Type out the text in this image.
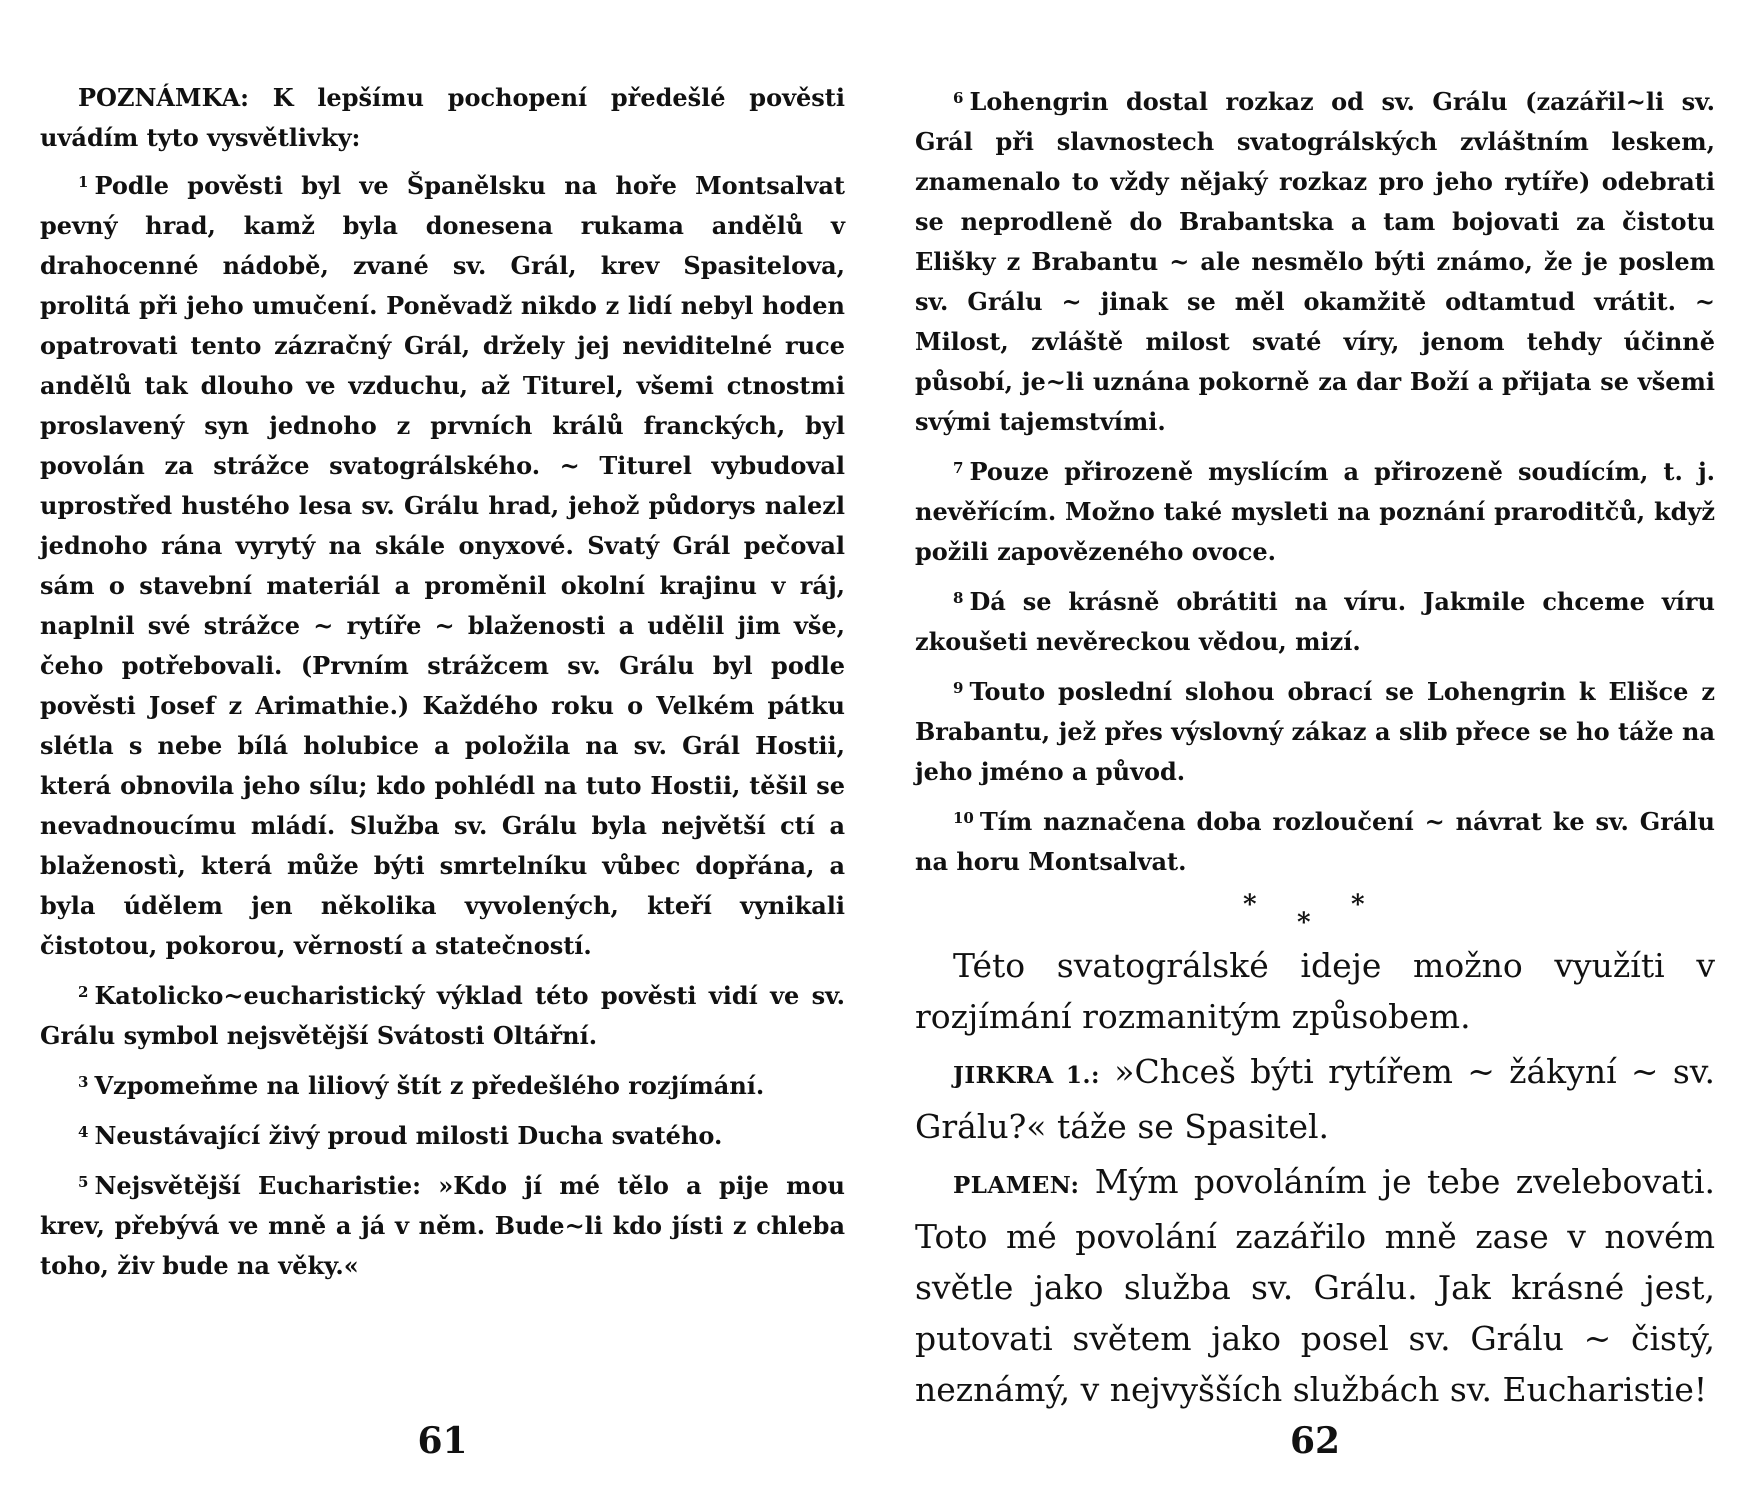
POZNÁMKA: K lepšímu pochopení předešlé pověsti uvádím tyto vysvětlivky:

$^1$ Podle pověsti byl ve Španělsku na hoře Montsalvat pevný hrad, kamž byla donesena rukama andělů v drahocenné nádobě, zvané sv. Grál, krev Spasitelova, prolitá při jeho umučení. Poněvadž nikdo z lidí nebyl hoden opatrovati tento zázračný Grál, držely jej neviditelné ruce andělů tak dlouho ve vzduchu, až Titurel, všemi ctnostmi proslavený syn jednoho z prvních králů franckých, byl povolán za strážce svatográlského. ~ Titurel vybudoval uprostřed hustého lesa sv. Grálu hrad, jehož půdorys nalezl jednoho rána vyrytý na skále onyxové. Svatý Grál pečoval sám o stavební materiál a proměnil okolní krajinu v ráj, naplnil své strážce ~ rytíře ~ blaženosti a udělil jim vše, čeho potřebovali. (Prvním strážcem sv. Grálu byl podle pověsti Josef z Arimathie.) Každého roku o Velkém pátku slétla s nebe bílá holubice a položila na sv. Grál Hostii, která obnovila jeho sílu; kdo pohlédl na tuto Hostii, těšil se nevadnoucímu mládí. Služba sv. Grálu byla největší ctí a blaženostì, která může býti smrtelníku vůbec dopřána, a byla údělem jen několika vyvolených, kteří vynikali čistotou, pokorou, věrností a statečností.

$^2$ Katolicko~eucharistický výklad této pověsti vidí ve sv. Grálu symbol nejsvětější Svátosti Oltářní.

$^3$ Vzpomeňme na liliový štít z předešlého rozjímání.

$^4$ Neustávající živý proud milosti Ducha svatého.

$^5$ Nejsvětější Eucharistie: »Kdo jí mé tělo a pije mou krev, přebývá ve mně a já v něm. Bude~li kdo jísti z chleba toho, živ bude na věky.«

61

$^6$ Lohengrin dostal rozkaz od sv. Grálu (zazářil~li sv. Grál při slavnostech svatográlských zvláštním leskem, znamenalo to vždy nějaký rozkaz pro jeho rytíře) odebrati se neprodleně do Brabantska a tam bojovati za čistotu Elišky z Brabantu ~ ale nesmělo býti známo, že je poslem sv. Grálu ~ jinak se měl okamžitě odtamtud vrátit. ~ Milost, zvláště milost svaté víry, jenom tehdy účinně působí, je~li uznána pokorně za dar Boží a přijata se všemi svými tajemstvími.

$^7$ Pouze přirozeně myslícím a přirozeně soudícím, t. j. nevěřícím. Možno také mysleti na poznání praroditčů, když požili zapovězeného ovoce.

$^8$ Dá se krásně obrátiti na víru. Jakmile chceme víru zkoušeti nevěreckou vědou, mizí.

$^9$ Touto poslední slohou obrací se Lohengrin k Elišce z Brabantu, jež přes výslovný zákaz a slib přece se ho táže na jeho jméno a původ.

$^{10}$ Tím naznačena doba rozloučení ~ návrat ke sv. Grálu na horu Montsalvat.

*
*
*

Této svatográlské ideje možno využíti v rozjímání rozmanitým způsobem.

JIRKRA 1.: »Chceš býti rytířem ~ žákyní ~ sv. Grálu?« táže se Spasitel.

PLAMEN: Mým povoláním je tebe zvelebovati. Toto mé povolání zazářilo mně zase v novém světle jako služba sv. Grálu. Jak krásné jest, putovati světem jako posel sv. Grálu ~ čistý, neznámý, v nejvyšších službách sv. Eucharistie!

62
